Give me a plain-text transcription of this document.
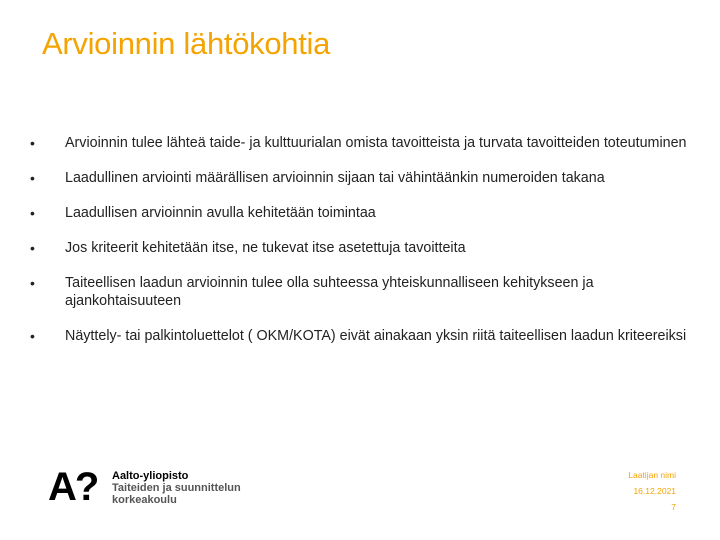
Arvioinnin lähtökohtia
•	Arvioinnin tulee lähteä taide- ja kulttuurialan omista tavoitteista ja turvata tavoitteiden toteutuminen
•	Laadullinen arviointi määrällisen arvioinnin sijaan tai vähintäänkin numeroiden takana
•	Laadullisen arvioinnin avulla kehitetään toimintaa
•	Jos kriteerit kehitetään itse, ne tukevat itse asetettuja tavoitteita
•	Taiteellisen laadun arvioinnin tulee olla suhteessa yhteiskunnalliseen kehitykseen ja ajankohtaisuuteen
•	Näyttely- tai palkintoluettelot ( OKM/KOTA) eivät ainakaan yksin riitä taiteellisen laadun kriteereiksi
A? Aalto-yliopisto
Taiteiden ja suunnittelun
korkeakoulu
Laatijan nimi
16.12.2021
7
